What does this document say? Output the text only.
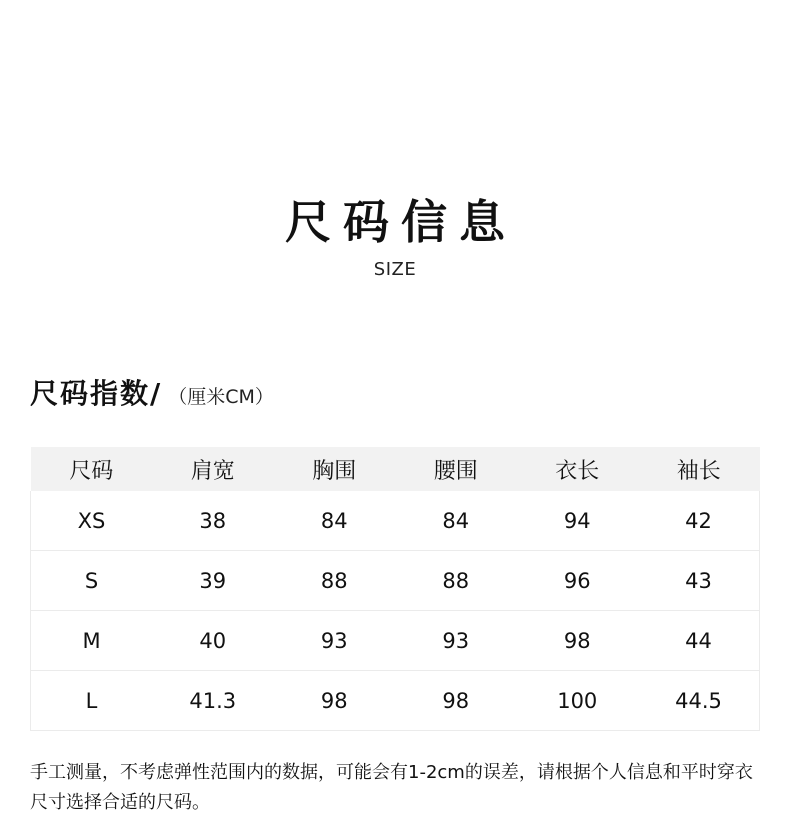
尺码信息
SIZE
尺码指数/ （厘米CM）
尺码	肩宽	胸围	腰围	衣长	袖长
XS	38	84	84	94	42
S	39	88	88	96	43
M	40	93	93	98	44
L	41.3	98	98	100	44.5
手工测量，不考虑弹性范围内的数据，可能会有1-2cm的误差，请根据个人信息和平时穿衣尺寸选择合适的尺码。
